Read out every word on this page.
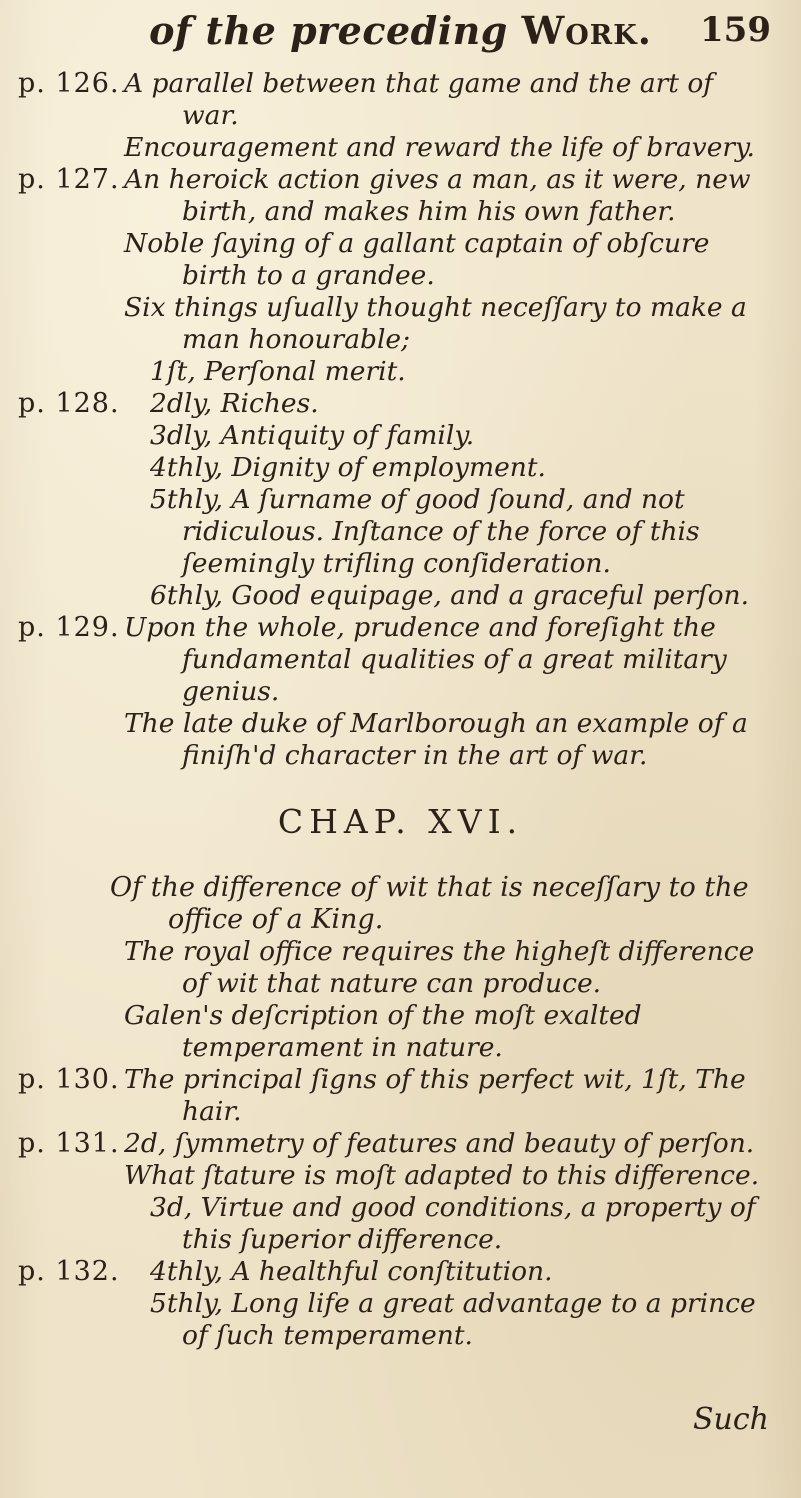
of the preceding Work.	159

p. 126. A parallel between that game and the art of war.

Encouragement and reward the life of bravery.

p. 127. An heroick action gives a man, as it were, new birth, and makes him his own father.

Noble ſaying of a gallant captain of obſcure birth to a grandee.

Six things uſually thought neceſſary to make a man honourable;

1ſt, Perſonal merit.

p. 128. 2dly, Riches.

3dly, Antiquity of family.

4thly, Dignity of employment.

5thly, A ſurname of good ſound, and not ridiculous. Inſtance of the force of this ſeemingly trifling conſideration.

6thly, Good equipage, and a graceful perſon.

p. 129. Upon the whole, prudence and foreſight the fundamental qualities of a great military genius.

The late duke of Marlborough an example of a finiſh'd character in the art of war.

CHAP. XVI.

Of the difference of wit that is neceſſary to the
office of a King.

The royal office requires the higheſt difference of wit that nature can produce.

Galen's deſcription of the moſt exalted temperament in nature.

p. 130. The principal ſigns of this perfect wit, 1ſt, The hair.

p. 131. 2d, ſymmetry of features and beauty of perſon.

What ſtature is moſt adapted to this difference.

3d, Virtue and good conditions, a property of this ſuperior difference.

p. 132. 4thly, A healthful conſtitution.

5thly, Long life a great advantage to a prince of ſuch temperament.

Such
